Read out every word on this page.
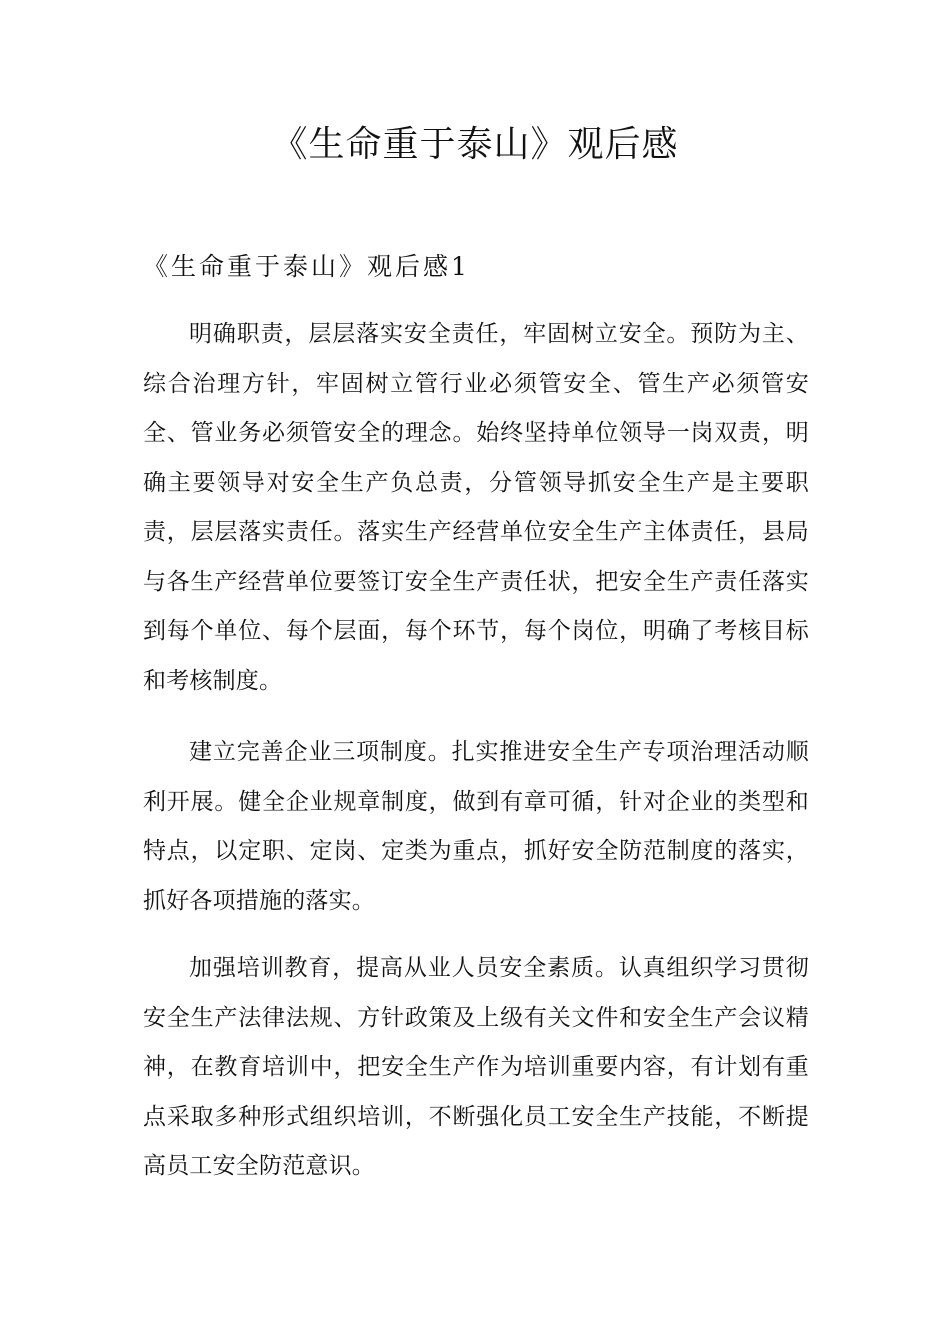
《生命重于泰山》观后感
《生命重于泰山》观后感1

明确职责，层层落实安全责任，牢固树立安全。预防为主、综合治理方针，牢固树立管行业必须管安全、管生产必须管安全、管业务必须管安全的理念。始终坚持单位领导一岗双责，明确主要领导对安全生产负总责，分管领导抓安全生产是主要职责，层层落实责任。落实生产经营单位安全生产主体责任，县局与各生产经营单位要签订安全生产责任状，把安全生产责任落实到每个单位、每个层面，每个环节，每个岗位，明确了考核目标和考核制度。

建立完善企业三项制度。扎实推进安全生产专项治理活动顺利开展。健全企业规章制度，做到有章可循，针对企业的类型和特点，以定职、定岗、定类为重点，抓好安全防范制度的落实，抓好各项措施的落实。

加强培训教育，提高从业人员安全素质。认真组织学习贯彻安全生产法律法规、方针政策及上级有关文件和安全生产会议精神，在教育培训中，把安全生产作为培训重要内容，有计划有重点采取多种形式组织培训，不断强化员工安全生产技能，不断提高员工安全防范意识。
